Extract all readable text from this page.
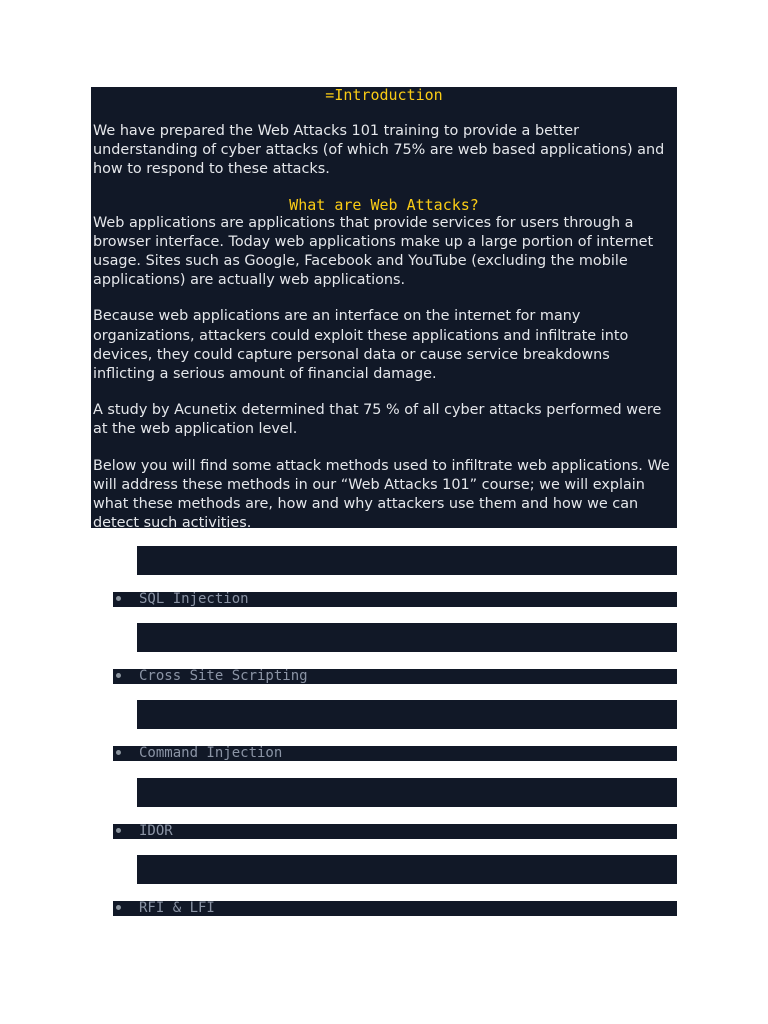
=Introduction

We have prepared the Web Attacks 101 training to provide a better understanding of cyber attacks (of which 75% are web based applications) and how to respond to these attacks.

What are Web Attacks?

Web applications are applications that provide services for users through a browser interface. Today web applications make up a large portion of internet usage. Sites such as Google, Facebook and YouTube (excluding the mobile applications) are actually web applications.

Because web applications are an interface on the internet for many organizations, attackers could exploit these applications and infiltrate into devices, they could capture personal data or cause service breakdowns inflicting a serious amount of financial damage.

A study by Acunetix determined that 75 % of all cyber attacks performed were at the web application level.

Below you will find some attack methods used to infiltrate web applications. We will address these methods in our “Web Attacks 101” course; we will explain what these methods are, how and why attackers use them and how we can detect such activities.

SQL Injection
Cross Site Scripting
Command Injection
IDOR
RFI & LFI
